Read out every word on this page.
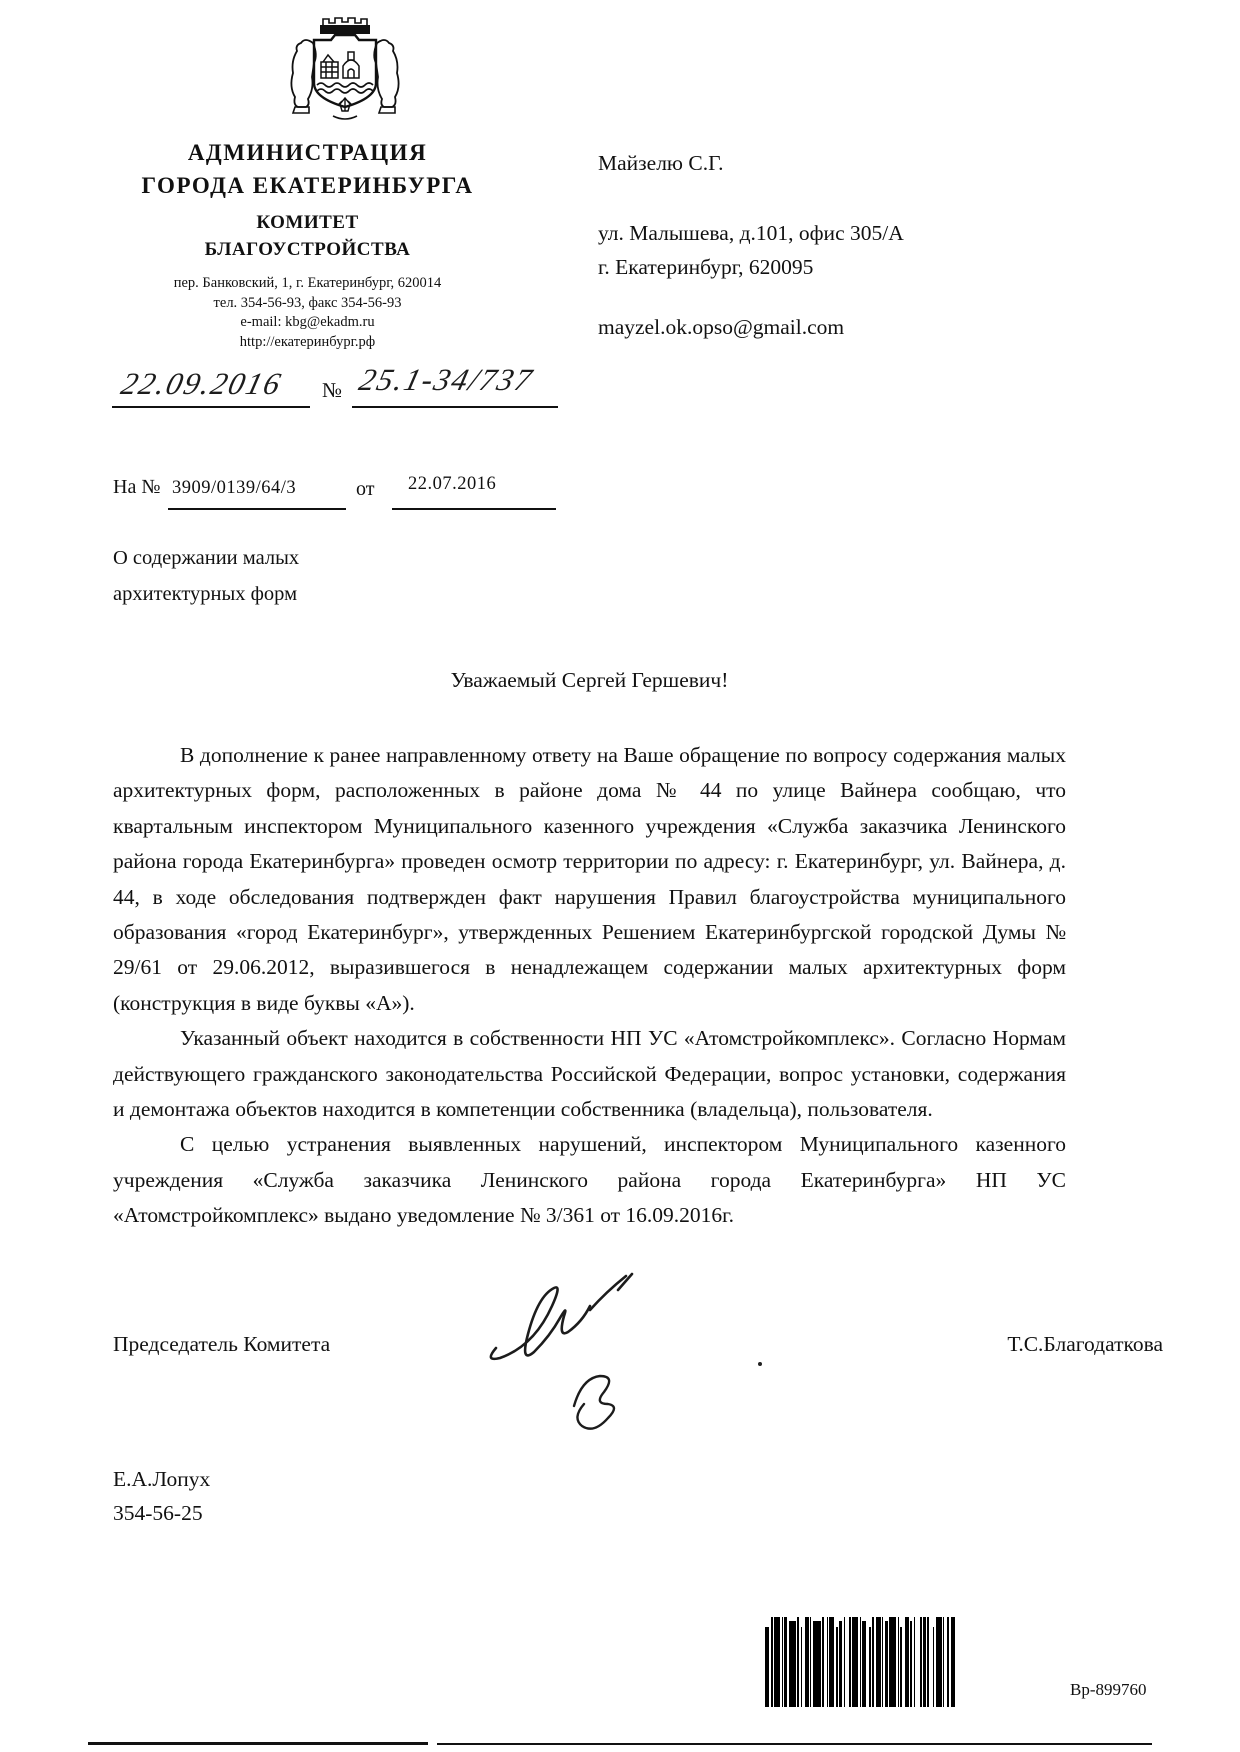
АДМИНИСТРАЦИЯ
ГОРОДА ЕКАТЕРИНБУРГА
КОМИТЕТ
БЛАГОУСТРОЙСТВА
пер. Банковский, 1, г. Екатеринбург, 620014
тел. 354-56-93, факс 354-56-93
e-mail: kbg@ekadm.ru
http://екатеринбург.рф
22.09.2016 № 25.1-34/737
На № 3909/0139/64/3	от 22.07.2016
О содержании малых
архитектурных форм
Майзелю С.Г.
ул. Малышева, д.101, офис 305/А
г. Екатеринбург, 620095
mayzel.ok.opso@gmail.com
Уважаемый Сергей Гершевич!

В дополнение к ранее направленному ответу на Ваше обращение по вопросу содержания малых архитектурных форм, расположенных в районе дома № 44 по улице Вайнера сообщаю, что квартальным инспектором Муниципального казенного учреждения «Служба заказчика Ленинского района города Екатеринбурга» проведен осмотр территории по адресу: г. Екатеринбург, ул. Вайнера, д. 44, в ходе обследования подтвержден факт нарушения Правил благоустройства муниципального образования «город Екатеринбург», утвержденных Решением Екатеринбургской городской Думы № 29/61 от 29.06.2012, выразившегося в ненадлежащем содержании малых архитектурных форм (конструкция в виде буквы «А»).

Указанный объект находится в собственности НП УС «Атомстройкомплекс». Согласно Нормам действующего гражданского законодательства Российской Федерации, вопрос установки, содержания и демонтажа объектов находится в компетенции собственника (владельца), пользователя.

С целью устранения выявленных нарушений, инспектором Муниципального казенного учреждения «Служба заказчика Ленинского района города Екатеринбурга» НП УС «Атомстройкомплекс» выдано уведомление № 3/361 от 16.09.2016г.

Председатель Комитета	Т.С.Благодаткова
Е.А.Лопух
354-56-25
Вр-899760
